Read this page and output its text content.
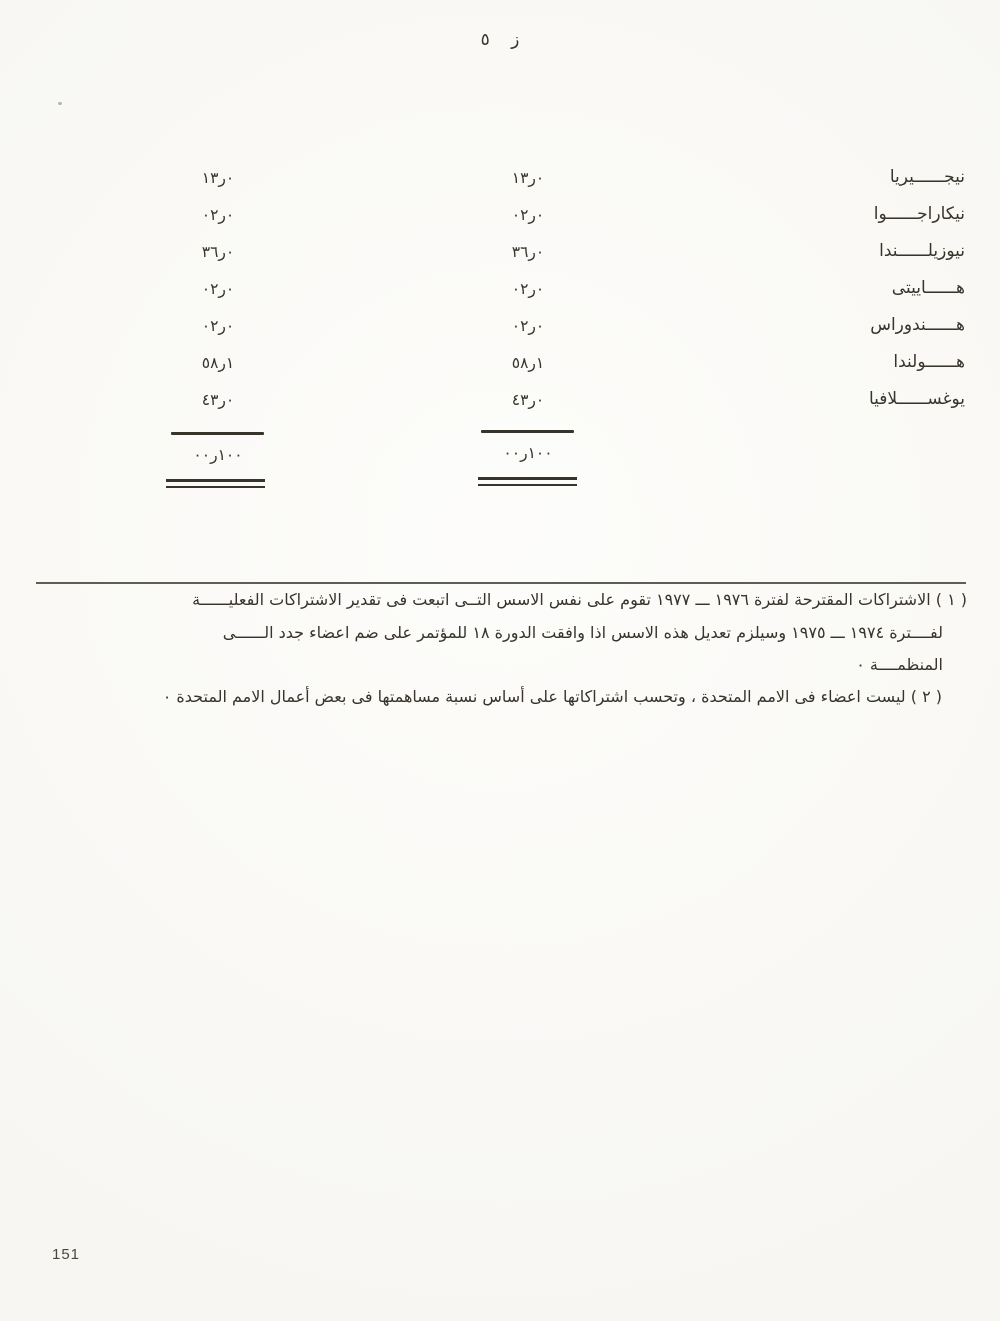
ز ٥
نيجــــــيريا
٠ر١٣
٠ر١٣
نيكاراجــــــوا
٠ر٠٢
٠ر٠٢
نيوزيلــــــندا
٠ر٣٦
٠ر٣٦
هــــــاييتى
٠ر٠٢
٠ر٠٢
هــــــندوراس
٠ر٠٢
٠ر٠٢
هــــــولندا
١ر٥٨
١ر٥٨
يوغســــــلافيا
٠ر٤٣
٠ر٤٣
١٠٠ر٠٠
١٠٠ر٠٠
( ١ ) الاشتراكات المقترحة لفترة ١٩٧٦ ـــ ١٩٧٧ تقوم على نفس الاسس التــى اتبعت فى تقدير الاشتراكات الفعليــــــة
لفــــترة ١٩٧٤ ـــ ١٩٧٥ وسيلزم تعديل هذه الاسس اذا وافقت الدورة ١٨ للمؤتمر على ضم اعضاء جدد الــــــى
المنظمــــة ٠
( ٢ ) ليست اعضاء فى الامم المتحدة ، وتحسب اشتراكاتها على أساس نسبة مساهمتها فى بعض أعمال الامم المتحدة ٠
151
